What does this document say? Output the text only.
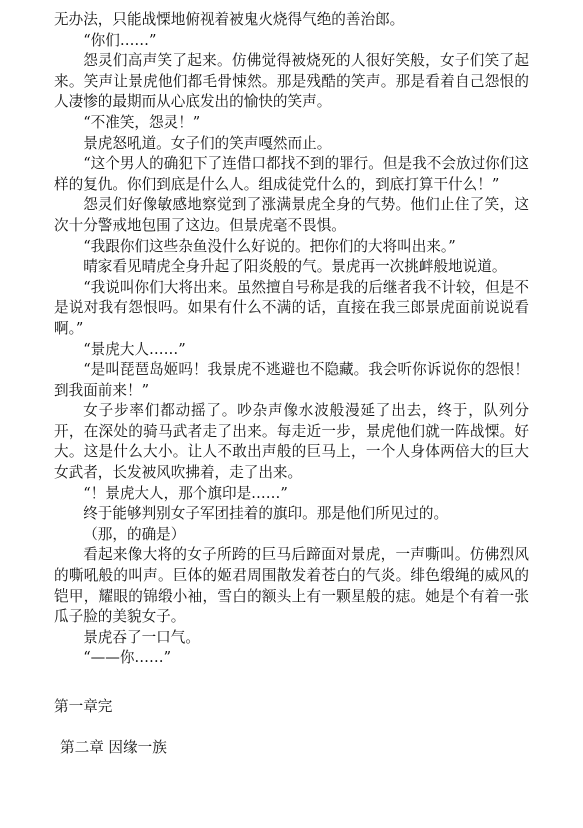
无办法，只能战慄地俯视着被鬼火烧得气绝的善治郎。

“你们……”

怨灵们高声笑了起来。仿佛觉得被烧死的人很好笑般，女子们笑了起来。笑声让景虎他们都毛骨悚然。那是残酷的笑声。那是看着自己怨恨的人凄惨的最期而从心底发出的愉快的笑声。

“不准笑，怨灵！”

景虎怒吼道。女子们的笑声嘎然而止。

“这个男人的确犯下了连借口都找不到的罪行。但是我不会放过你们这样的复仇。你们到底是什么人。组成徒党什么的，到底打算干什么！”

怨灵们好像敏感地察觉到了涨满景虎全身的气势。他们止住了笑，这次十分警戒地包围了这边。但景虎毫不畏惧。

“我跟你们这些杂鱼没什么好说的。把你们的大将叫出来。”

晴家看见晴虎全身升起了阳炎般的气。景虎再一次挑衅般地说道。

“我说叫你们大将出来。虽然擅自号称是我的后继者我不计较，但是不是说对我有怨恨吗。如果有什么不满的话，直接在我三郎景虎面前说说看啊。”

“景虎大人……”

“是叫琵琶岛姬吗！我景虎不逃避也不隐藏。我会听你诉说你的怨恨！到我面前来！”

女子步率们都动摇了。吵杂声像水波般漫延了出去，终于，队列分开，在深处的骑马武者走了出来。每走近一步，景虎他们就一阵战慄。好大。这是什么大小。让人不敢出声般的巨马上，一个人身体两倍大的巨大女武者，长发被风吹拂着，走了出来。

“！景虎大人，那个旗印是……”

终于能够判别女子军团挂着的旗印。那是他们所见过的。

（那，的确是）

看起来像大将的女子所跨的巨马后蹄面对景虎，一声嘶叫。仿佛烈风的嘶吼般的叫声。巨体的姬君周围散发着苍白的气炎。绯色缎绳的威风的铠甲，耀眼的锦缎小袖，雪白的额头上有一颗星般的痣。她是个有着一张瓜子脸的美貌女子。

景虎吞了一口气。

“——你……”

第一章完
第二章 因缘一族
